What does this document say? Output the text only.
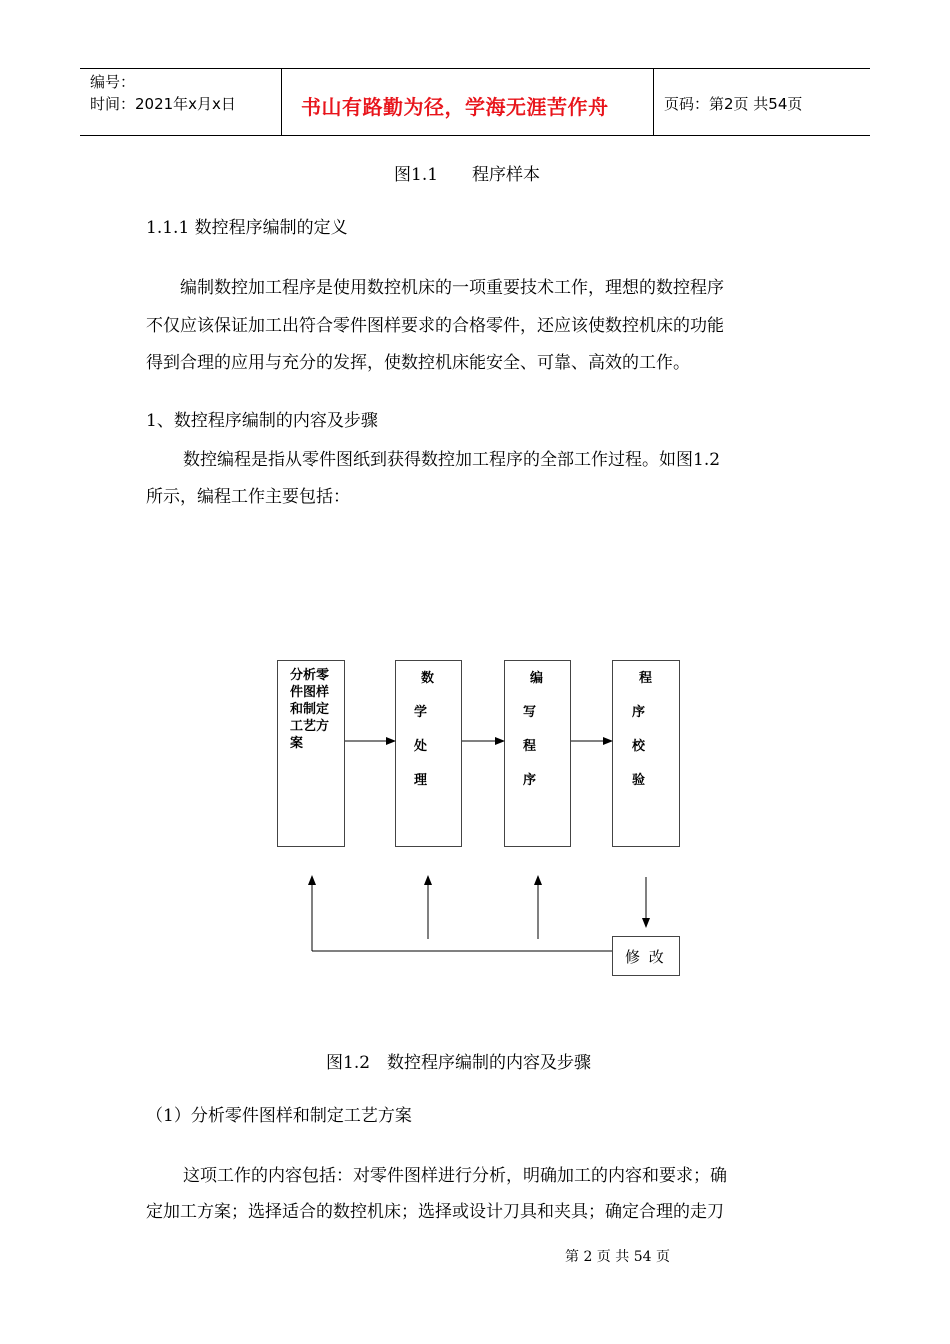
编号：
时间：2021年x月x日	书山有路勤为径，学海无涯苦作舟	页码：第2页 共54页
图1.1　　程序样本
1.1.1 数控程序编制的定义
编制数控加工程序是使用数控机床的一项重要技术工作，理想的数控程序
不仅应该保证加工出符合零件图样要求的合格零件，还应该使数控机床的功能
得到合理的应用与充分的发挥，使数控机床能安全、可靠、高效的工作。
1、数控程序编制的内容及步骤
数控编程是指从零件图纸到获得数控加工程序的全部工作过程。如图1.2
所示，编程工作主要包括：
分析零件图样和制定工艺方案
数
学
处
理
编
写
程
序
程
序
校
验
修 改
图1.2　数控程序编制的内容及步骤
（1）分析零件图样和制定工艺方案
这项工作的内容包括：对零件图样进行分析，明确加工的内容和要求；确
定加工方案；选择适合的数控机床；选择或设计刀具和夹具；确定合理的走刀
第 2 页 共 54 页
